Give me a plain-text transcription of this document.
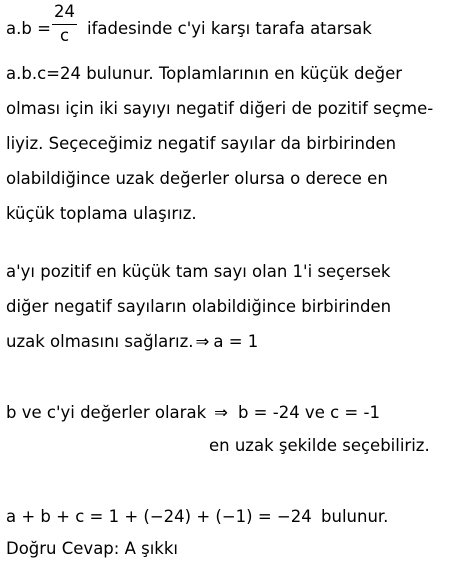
a.b =
24
c	ifadesinde c'yi karşı tarafa atarsak
a.b.c=24 bulunur. Toplamlarının en küçük değer
olması için iki sayıyı negatif diğeri de pozitif seçme-
liyiz. Seçeceğimiz negatif sayılar da birbirinden
olabildiğince uzak değerler olursa o derece en
küçük toplama ulaşırız.
a'yı pozitif en küçük tam sayı olan 1'i seçersek
diğer negatif sayıların olabildiğince birbirinden
uzak olmasını sağlarız. ⇒ a = 1
b ve c'yi değerler olarak ⇒ b = -24 ve c = -1
en uzak şekilde seçebiliriz.
a + b + c = 1 + (−24) + (−1) = −24 bulunur.
Doğru Cevap: A şıkkı
